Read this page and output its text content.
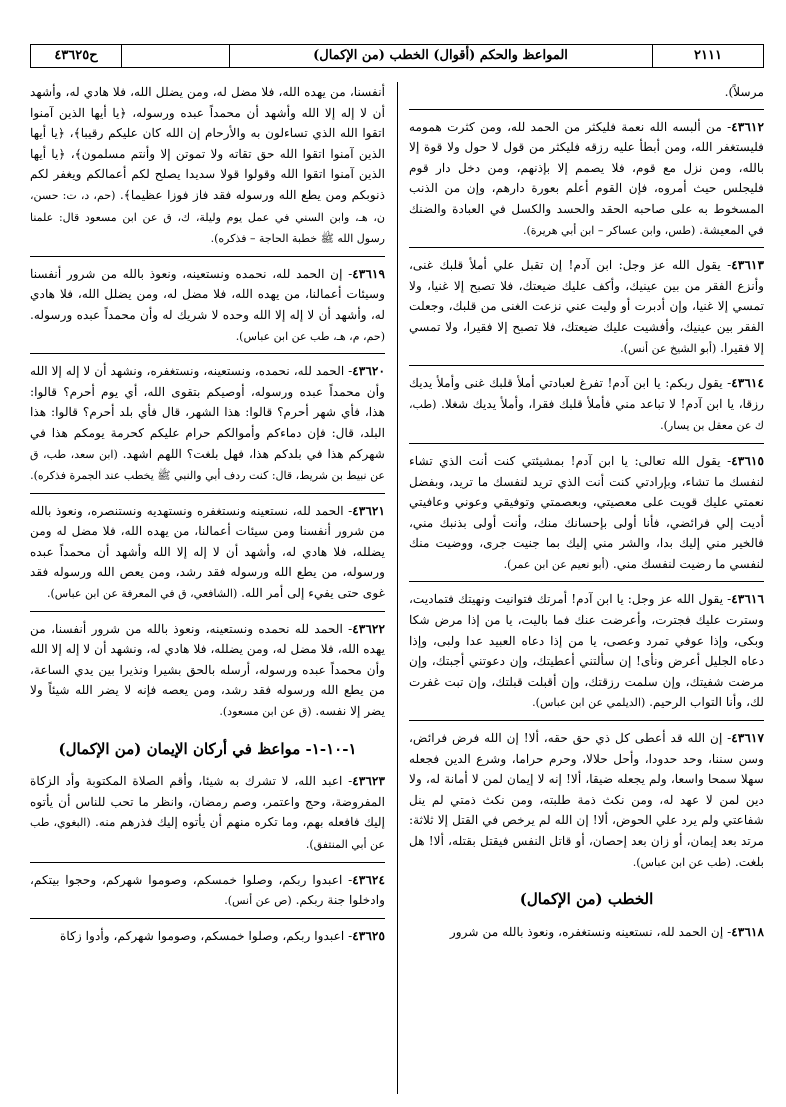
٢١١١
المواعظ والحكم (أقوال) الخطب (من الإكمال)
ح٤٣٦٢٥
مرسلاً).
٤٣٦١٢- من ألبسه الله نعمة فليكثر من الحمد لله، ومن كثرت همومه فليستغفر الله، ومن أبطأ عليه رزقه فليكثر من قول لا حول ولا قوة إلا بالله، ومن نزل مع قوم، فلا يصمم إلا بإذنهم، ومن دخل دار قوم فليجلس حيث أمروه، فإن القوم أعلم بعورة دارهم، وإن من الذنب المسخوط به على صاحبه الحقد والحسد والكسل في العبادة والضنك في المعيشة. (طس، وابن عساكر – ابن أبي هريرة).
٤٣٦١٣- يقول الله عز وجل: ابن آدم! إن تقبل علي أملأ قلبك غنى، وأنزع الفقر من بين عينيك، وأكف عليك ضيعتك، فلا تصبح إلا غنيا، ولا تمسي إلا غنيا، وإن أدبرت أو وليت عني نزعت الغنى من قلبك، وجعلت الفقر بين عينيك، وأفشيت عليك ضيعتك، فلا تصبح إلا فقيرا، ولا تمسي إلا فقيرا. (أبو الشيخ عن أنس).
٤٣٦١٤- يقول ربكم: يا ابن آدم! تفرغ لعبادتي أملأ قلبك غنى وأملأ يديك رزقا، يا ابن آدم! لا تباعد مني فأملأ قلبك فقرا، وأملأ يديك شغلا. (طب، ك عن معقل بن يسار).
٤٣٦١٥- يقول الله تعالى: يا ابن آدم! بمشيئتي كنت أنت الذي تشاء لنفسك ما تشاء، وبإرادتي كنت أنت الذي تريد لنفسك ما تريد، وبفضل نعمتي عليك قويت على معصيتي، وبعصمتي وتوفيقي وعوني وعافيتي أديت إلي فرائضي، فأنا أولى بإحسانك منك، وأنت أولى بذنبك مني، فالخير مني إليك بدا، والشر مني إليك بما جنيت جرى، ووضيت منك لنفسي ما رضيت لنفسك مني. (أبو نعيم عن ابن عمر).
٤٣٦١٦- يقول الله عز وجل: يا ابن آدم! أمرتك فتوانيت ونهيتك فتماديت، وسترت عليك فجترت، وأعرضت عنك فما باليت، يا من إذا مرض شكا وبكى، وإذا عوفي تمرد وعصى، يا من إذا دعاه العبيد عدا ولبى، وإذا دعاه الجليل أعرض ونأى! إن سألتني أعطيتك، وإن دعوتني أجبتك، وإن مرضت شفيتك، وإن سلمت رزقتك، وإن أقبلت قبلتك، وإن تبت غفرت لك، وأنا التواب الرحيم. (الديلمي عن ابن عباس).
٤٣٦١٧- إن الله قد أعطى كل ذي حق حقه، ألا! إن الله فرض فرائض، وسن سننا، وحد حدودا، وأحل حلالا، وحرم حراما، وشرع الدين فجعله سهلا سمحا واسعا، ولم يجعله ضيقا، ألا! إنه لا إيمان لمن لا أمانة له، ولا دين لمن لا عهد له، ومن نكث ذمة طلبته، ومن نكث ذمتي لم ينل شفاعتي ولم يرد علي الحوض، ألا! إن الله لم يرخص في القتل إلا ثلاثة: مرتد بعد إيمان، أو زان بعد إحصان، أو قاتل النفس فيقتل بقتله، ألا! هل بلغت. (طب عن ابن عباس).
الخطب (من الإكمال)
٤٣٦١٨- إن الحمد لله، نستعينه ونستغفره، ونعوذ بالله من شرور
أنفسنا، من يهده الله، فلا مضل له، ومن يضلل الله، فلا هادي له، وأشهد أن لا إله إلا الله وأشهد أن محمداً عبده ورسوله، ﴿يا أيها الذين آمنوا اتقوا الله الذي تساءلون به والأرحام إن الله كان عليكم رقيبا﴾، ﴿يا أيها الذين آمنوا اتقوا الله حق تقاته ولا تموتن إلا وأنتم مسلمون﴾، ﴿يا أيها الذين آمنوا اتقوا الله وقولوا قولا سديدا يصلح لكم أعمالكم ويغفر لكم ذنوبكم ومن يطع الله ورسوله فقد فاز فوزا عظيما﴾. (حم، د، ت: حسن، ن، هـ، وابن السني في عمل يوم وليلة، ك، ق عن ابن مسعود قال: علمنا رسول الله ﷺ خطبة الحاجة – فذكره).
٤٣٦١٩- إن الحمد لله، نحمده ونستعينه، ونعوذ بالله من شرور أنفسنا وسيئات أعمالنا، من يهده الله، فلا مضل له، ومن يضلل الله، فلا هادي له، وأشهد أن لا إله إلا الله وحده لا شريك له وأن محمداً عبده ورسوله. (حم، م، هـ، طب عن ابن عباس).
٤٣٦٢٠- الحمد لله، نحمده، ونستعينه، ونستغفره، ونشهد أن لا إله إلا الله وأن محمداً عبده ورسوله، أوصيكم بتقوى الله، أي يوم أحرم؟ قالوا: هذا، فأي شهر أحرم؟ قالوا: هذا الشهر، قال فأي بلد أحرم؟ قالوا: هذا البلد، قال: فإن دماءكم وأموالكم حرام عليكم كحرمة يومكم هذا في شهركم هذا في بلدكم هذا، فهل بلغت؟ اللهم اشهد. (ابن سعد، طب، ق عن نبيط بن شريط، قال: كنت ردف أبي والنبي ﷺ يخطب عند الجمرة فذكره).
٤٣٦٢١- الحمد لله، نستعينه ونستغفره ونستهديه ونستنصره، ونعوذ بالله من شرور أنفسنا ومن سيئات أعمالنا، من يهده الله، فلا مضل له ومن يضلله، فلا هادي له، وأشهد أن لا إله إلا الله وأشهد أن محمداً عبده ورسوله، من يطع الله ورسوله فقد رشد، ومن يعص الله ورسوله فقد غوى حتى يفيء إلى أمر الله. (الشافعي، ق في المعرفة عن ابن عباس).
٤٣٦٢٢- الحمد لله نحمده ونستعينه، ونعوذ بالله من شرور أنفسنا، من يهده الله، فلا مضل له، ومن يضلله، فلا هادي له، ونشهد أن لا إله إلا الله وأن محمداً عبده ورسوله، أرسله بالحق بشيرا ونذيرا بين يدي الساعة، من يطع الله ورسوله فقد رشد، ومن يعصه فإنه لا يضر الله شيئاً ولا يضر إلا نفسه. (ق عن ابن مسعود).
١-١٠-١- مواعظ في أركان الإيمان (من الإكمال)
٤٣٦٢٣- اعبد الله، لا تشرك به شيئا، وأقم الصلاة المكتوبة وأد الزكاة المفروضة، وحج واعتمر، وصم رمضان، وانظر ما تحب للناس أن يأتوه إليك فافعله بهم، وما تكره منهم أن يأتوه إليك فذرهم منه. (البغوي، طب عن أبي المنتفق).
٤٣٦٢٤- اعبدوا ربكم، وصلوا خمسكم، وصوموا شهركم، وحجوا بيتكم، وادخلوا جنة ربكم. (ص عن أنس).
٤٣٦٢٥- اعبدوا ربكم، وصلوا خمسكم، وصوموا شهركم، وأدوا زكاة
